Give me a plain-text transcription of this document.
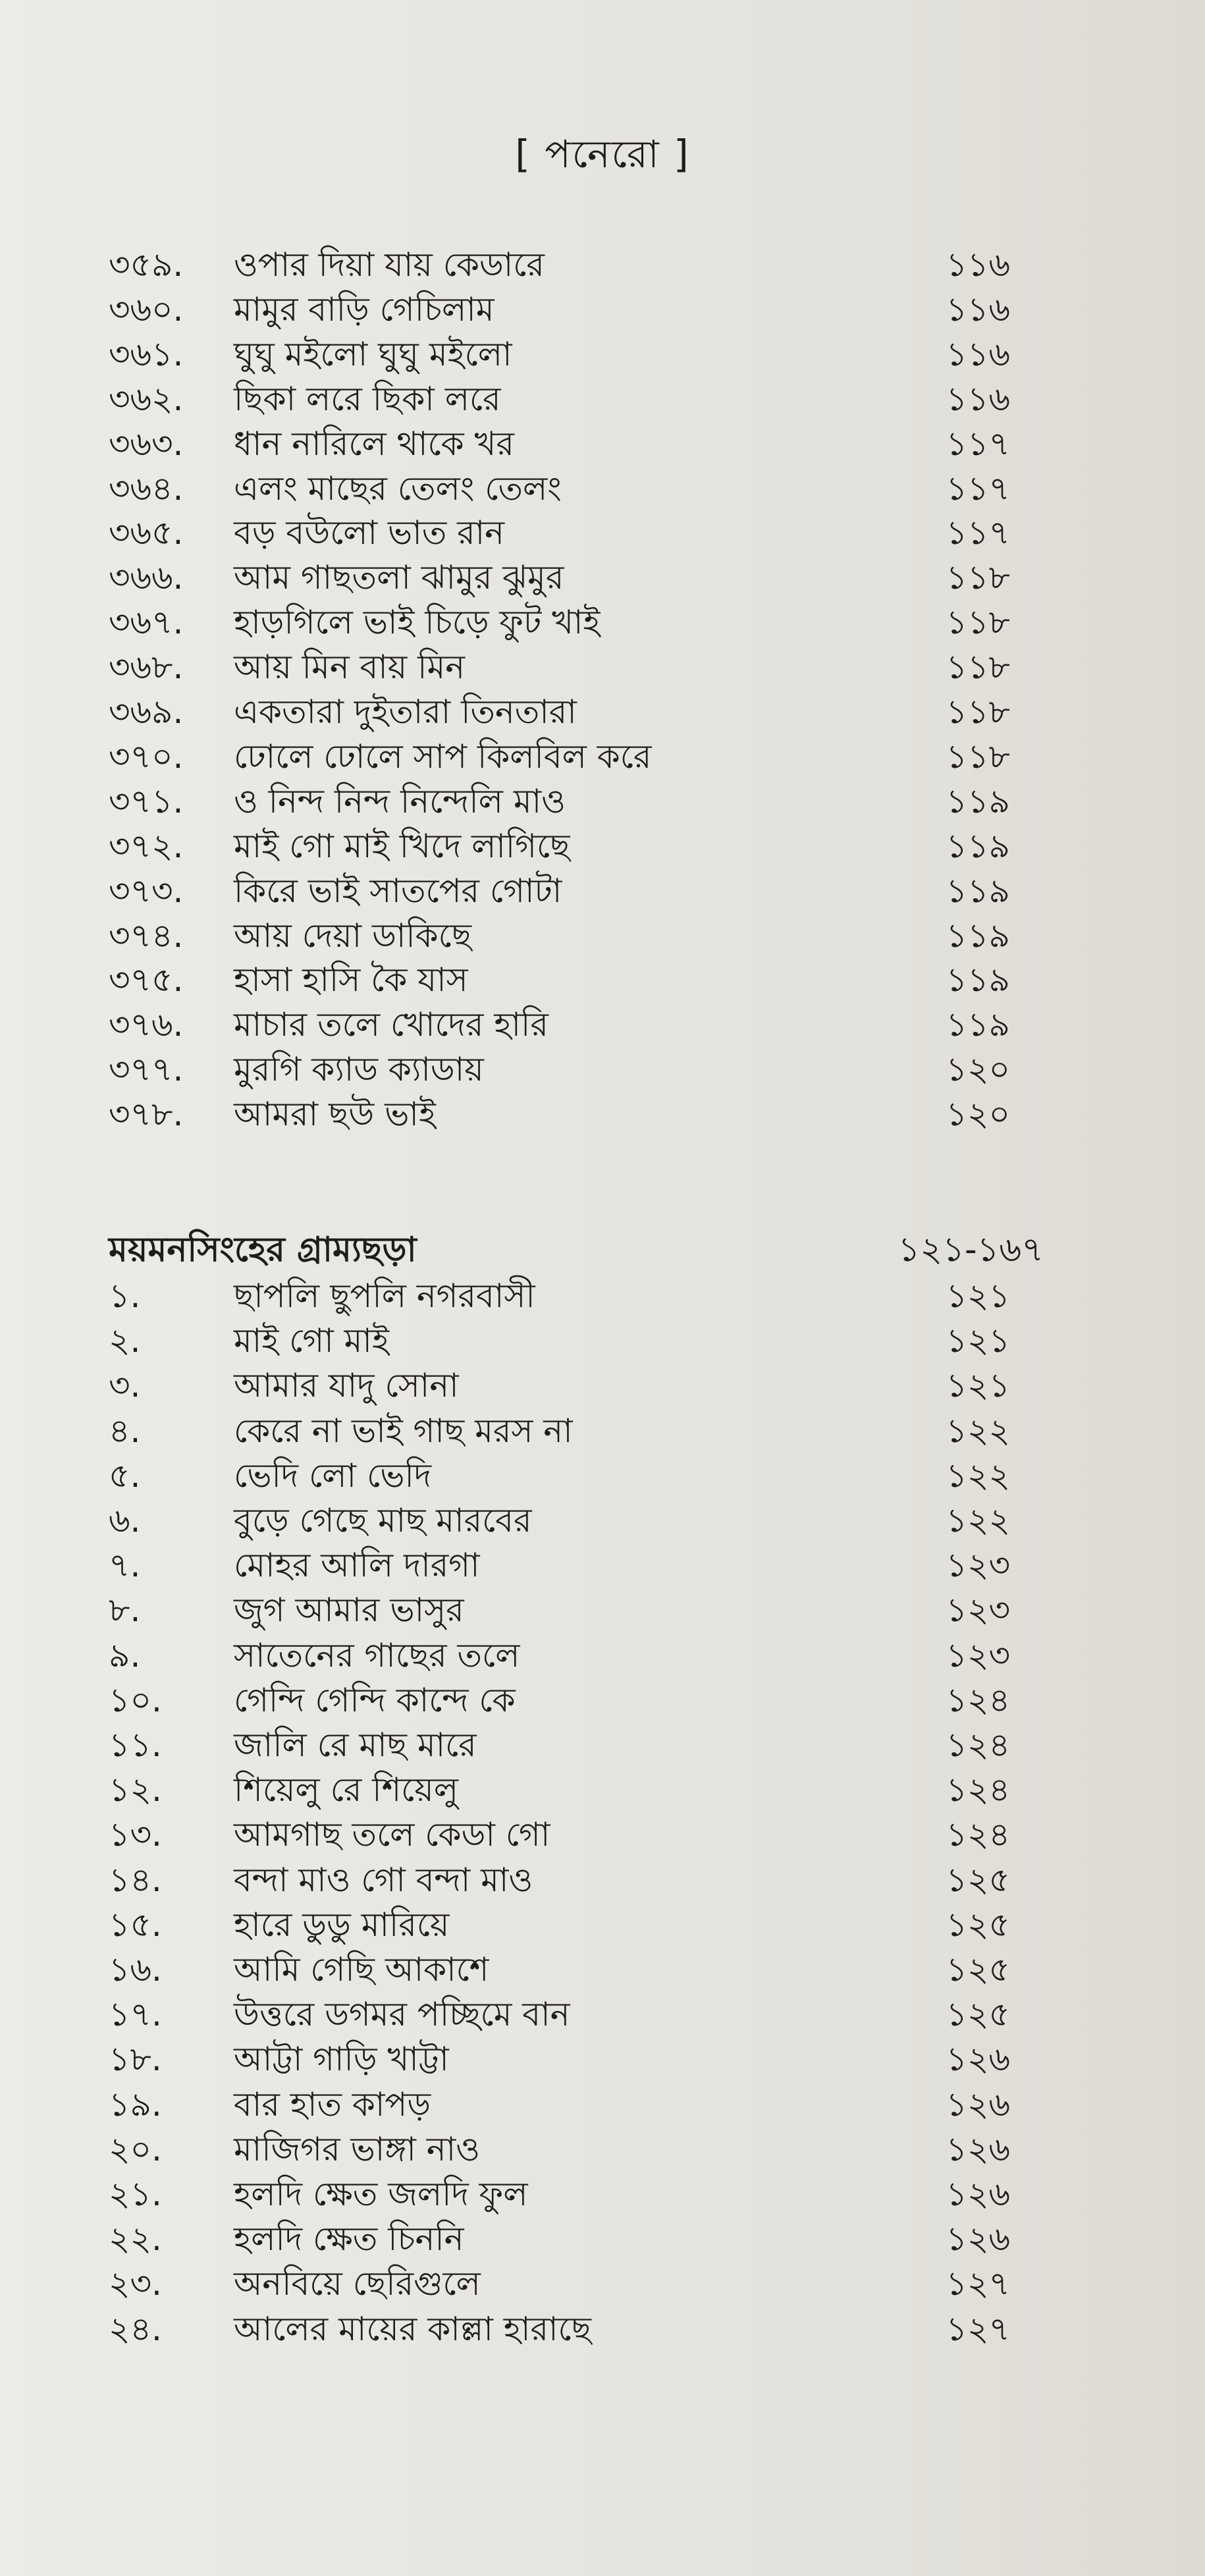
[ পনেরো ]
৩৫৯. ওপার দিয়া যায় কেডারে	১১৬
৩৬০. মামুর বাড়ি গেচিলাম	১১৬
৩৬১. ঘুঘু মইলো ঘুঘু মইলো	১১৬
৩৬২. ছিকা লরে ছিকা লরে	১১৬
৩৬৩. ধান নারিলে থাকে খর	১১৭
৩৬৪. এলং মাছের তেলং তেলং	১১৭
৩৬৫. বড় বউলো ভাত রান	১১৭
৩৬৬. আম গাছতলা ঝামুর ঝুমুর	১১৮
৩৬৭. হাড়গিলে ভাই চিড়ে ফুট খাই	১১৮
৩৬৮. আয় মিন বায় মিন	১১৮
৩৬৯. একতারা দুইতারা তিনতারা	১১৮
৩৭০. ঢোলে ঢোলে সাপ কিলবিল করে	১১৮
৩৭১. ও নিন্দ নিন্দ নিন্দেলি মাও	১১৯
৩৭২. মাই গো মাই খিদে লাগিছে	১১৯
৩৭৩. কিরে ভাই সাতপের গোটা	১১৯
৩৭৪. আয় দেয়া ডাকিছে	১১৯
৩৭৫. হাসা হাসি কৈ যাস	১১৯
৩৭৬. মাচার তলে খোদের হারি	১১৯
৩৭৭. মুরগি ক্যাড ক্যাডায়	১২০
৩৭৮. আমরা ছউ ভাই	১২০
ময়মনসিংহের গ্রাম্যছড়া	১২১-১৬৭
১.	ছাপলি ছুপলি নগরবাসী	১২১
২.	মাই গো মাই	১২১
৩.	আমার যাদু সোনা	১২১
৪.	কেরে না ভাই গাছ মরস না	১২২
৫.	ভেদি লো ভেদি	১২২
৬.	বুড়ে গেছে মাছ মারবের	১২২
৭.	মোহর আলি দারগা	১২৩
৮.	জুগ আমার ভাসুর	১২৩
৯.	সাতেনের গাছের তলে	১২৩
১০. গেন্দি গেন্দি কান্দে কে	১২৪
১১. জালি রে মাছ মারে	১২৪
১২. শিয়েলু রে শিয়েলু	১২৪
১৩. আমগাছ তলে কেডা গো	১২৪
১৪. বন্দা মাও গো বন্দা মাও	১২৫
১৫. হারে ডুডু মারিয়ে	১২৫
১৬. আমি গেছি আকাশে	১২৫
১৭. উত্তরে ডগমর পচ্ছিমে বান	১২৫
১৮. আট্টা গাড়ি খাট্টা	১২৬
১৯. বার হাত কাপড়	১২৬
২০. মাজিগর ভাঙ্গা নাও	১২৬
২১. হলদি ক্ষেত জলদি ফুল	১২৬
২২. হলদি ক্ষেত চিননি	১২৬
২৩. অনবিয়ে ছেরিগুলে	১২৭
২৪. আলের মায়ের কাল্লা হারাছে	১২৭
